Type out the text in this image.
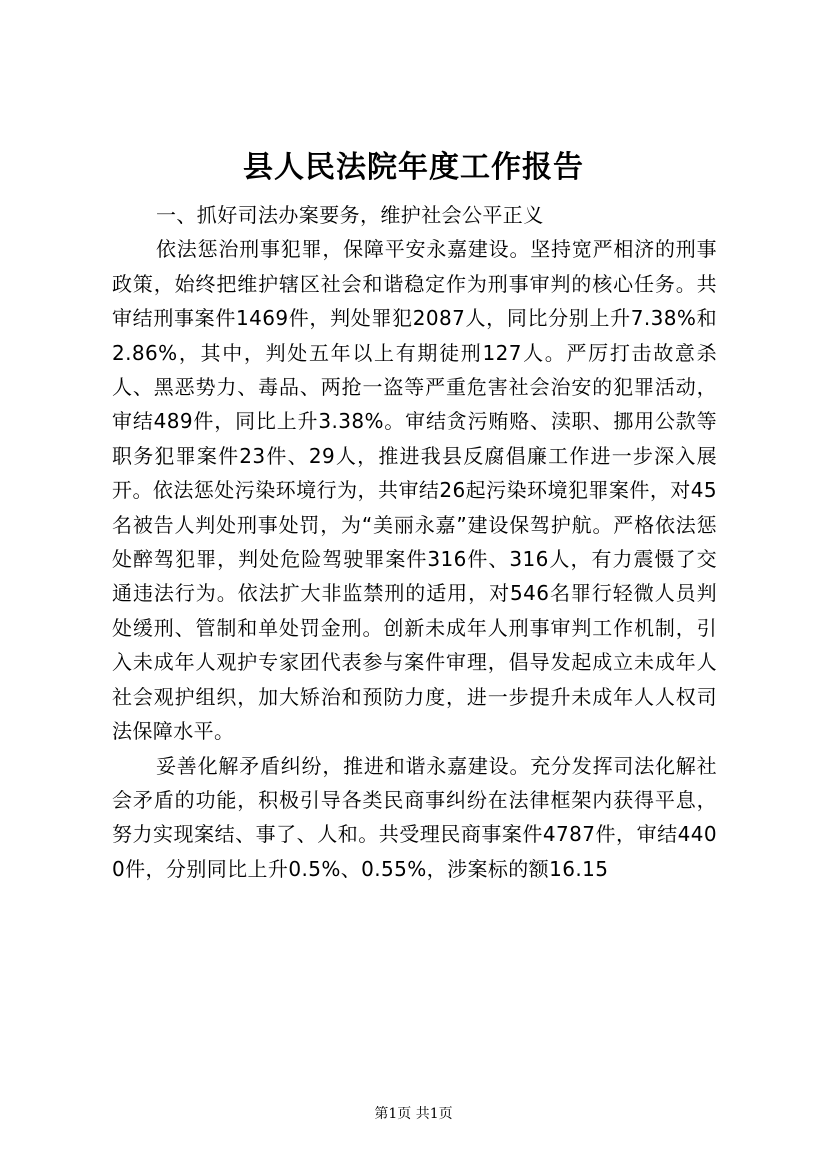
县人民法院年度工作报告

一、抓好司法办案要务，维护社会公平正义

依法惩治刑事犯罪，保障平安永嘉建设。坚持宽严相济的刑事政策，始终把维护辖区社会和谐稳定作为刑事审判的核心任务。共审结刑事案件1469件，判处罪犯2087人，同比分别上升7.38%和2.86%，其中，判处五年以上有期徒刑127人。严厉打击故意杀人、黑恶势力、毒品、两抢一盗等严重危害社会治安的犯罪活动，审结489件，同比上升3.38%。审结贪污贿赂、渎职、挪用公款等职务犯罪案件23件、29人，推进我县反腐倡廉工作进一步深入展开。依法惩处污染环境行为，共审结26起污染环境犯罪案件，对45名被告人判处刑事处罚，为“美丽永嘉”建设保驾护航。严格依法惩处醉驾犯罪，判处危险驾驶罪案件316件、316人，有力震慑了交通违法行为。依法扩大非监禁刑的适用，对546名罪行轻微人员判处缓刑、管制和单处罚金刑。创新未成年人刑事审判工作机制，引入未成年人观护专家团代表参与案件审理，倡导发起成立未成年人社会观护组织，加大矫治和预防力度，进一步提升未成年人人权司法保障水平。

妥善化解矛盾纠纷，推进和谐永嘉建设。充分发挥司法化解社会矛盾的功能，积极引导各类民商事纠纷在法律框架内获得平息，努力实现案结、事了、人和。共受理民商事案件4787件，审结4400件，分别同比上升0.5%、0.55%，涉案标的额16.15

第1页 共1页
